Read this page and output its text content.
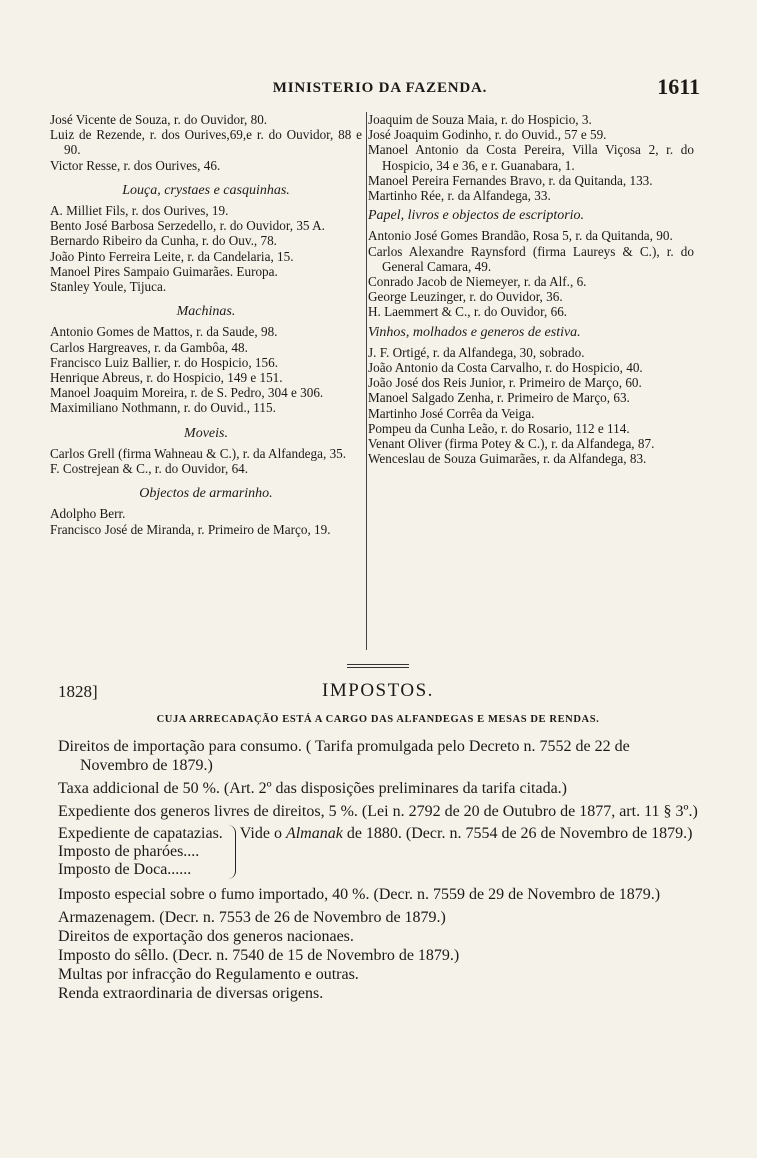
MINISTERIO DA FAZENDA.	1611

José Vicente de Souza, r. do Ouvidor, 80.

Luiz de Rezende, r. dos Ourives,69,e r. do Ouvidor, 88 e 90.

Victor Resse, r. dos Ourives, 46.

Louça, crystaes e casquinhas.

A. Milliet Fils, r. dos Ourives, 19.

Bento José Barbosa Serzedello, r. do Ouvidor, 35 A.

Bernardo Ribeiro da Cunha, r. do Ouv., 78.

João Pinto Ferreira Leite, r. da Candelaria, 15.

Manoel Pires Sampaio Guimarães. Europa.

Stanley Youle, Tijuca.

Machinas.

Antonio Gomes de Mattos, r. da Saude, 98.

Carlos Hargreaves, r. da Gambôa, 48.

Francisco Luiz Ballier, r. do Hospicio, 156.

Henrique Abreus, r. do Hospicio, 149 e 151.

Manoel Joaquim Moreira, r. de S. Pedro, 304 e 306.

Maximiliano Nothmann, r. do Ouvid., 115.

Moveis.

Carlos Grell (firma Wahneau & C.), r. da Alfandega, 35.

F. Costrejean & C., r. do Ouvidor, 64.

Objectos de armarinho.

Adolpho Berr.

Francisco José de Miranda, r. Primeiro de Março, 19.

Joaquim de Souza Maia, r. do Hospicio, 3.

José Joaquim Godinho, r. do Ouvid., 57 e 59.

Manoel Antonio da Costa Pereira, Villa Viçosa 2, r. do Hospicio, 34 e 36, e r. Guanabara, 1.

Manoel Pereira Fernandes Bravo, r. da Quitanda, 133.

Martinho Rée, r. da Alfandega, 33.

Papel, livros e objectos de escriptorio.

Antonio José Gomes Brandão, Rosa 5, r. da Quitanda, 90.

Carlos Alexandre Raynsford (firma Laureys & C.), r. do General Camara, 49.

Conrado Jacob de Niemeyer, r. da Alf., 6.

George Leuzinger, r. do Ouvidor, 36.

H. Laemmert & C., r. do Ouvidor, 66.

Vinhos, molhados e generos de estiva.

J. F. Ortigé, r. da Alfandega, 30, sobrado.

João Antonio da Costa Carvalho, r. do Hospicio, 40.

João José dos Reis Junior, r. Primeiro de Março, 60.

Manoel Salgado Zenha, r. Primeiro de Março, 63.

Martinho José Corrêa da Veiga.

Pompeu da Cunha Leão, r. do Rosario, 112 e 114.

Venant Oliver (firma Potey & C.), r. da Alfandega, 87.

Wenceslau de Souza Guimarães, r. da Alfandega, 83.

1828]	IMPOSTOS.
CUJA ARRECADAÇÃO ESTÁ A CARGO DAS ALFANDEGAS E MESAS DE RENDAS.

Direitos de importação para consumo. ( Tarifa promulgada pelo Decreto n. 7552 de 22 de Novembro de 1879.)

Taxa addicional de 50 %. (Art. 2º das disposições preliminares da tarifa citada.)

Expediente dos generos livres de direitos, 5 %. (Lei n. 2792 de 20 de Outubro de 1877, art. 11 § 3º.)

Expediente de capatazias.
Imposto de pharóes....
Imposto de Doca......
Vide o Almanak de 1880. (Decr. n. 7554 de 26 de Novembro de 1879.)

Imposto especial sobre o fumo importado, 40 %. (Decr. n. 7559 de 29 de Novembro de 1879.)

Armazenagem. (Decr. n. 7553 de 26 de Novembro de 1879.)

Direitos de exportação dos generos nacionaes.

Imposto do sêllo. (Decr. n. 7540 de 15 de Novembro de 1879.)

Multas por infracção do Regulamento e outras.

Renda extraordinaria de diversas origens.
